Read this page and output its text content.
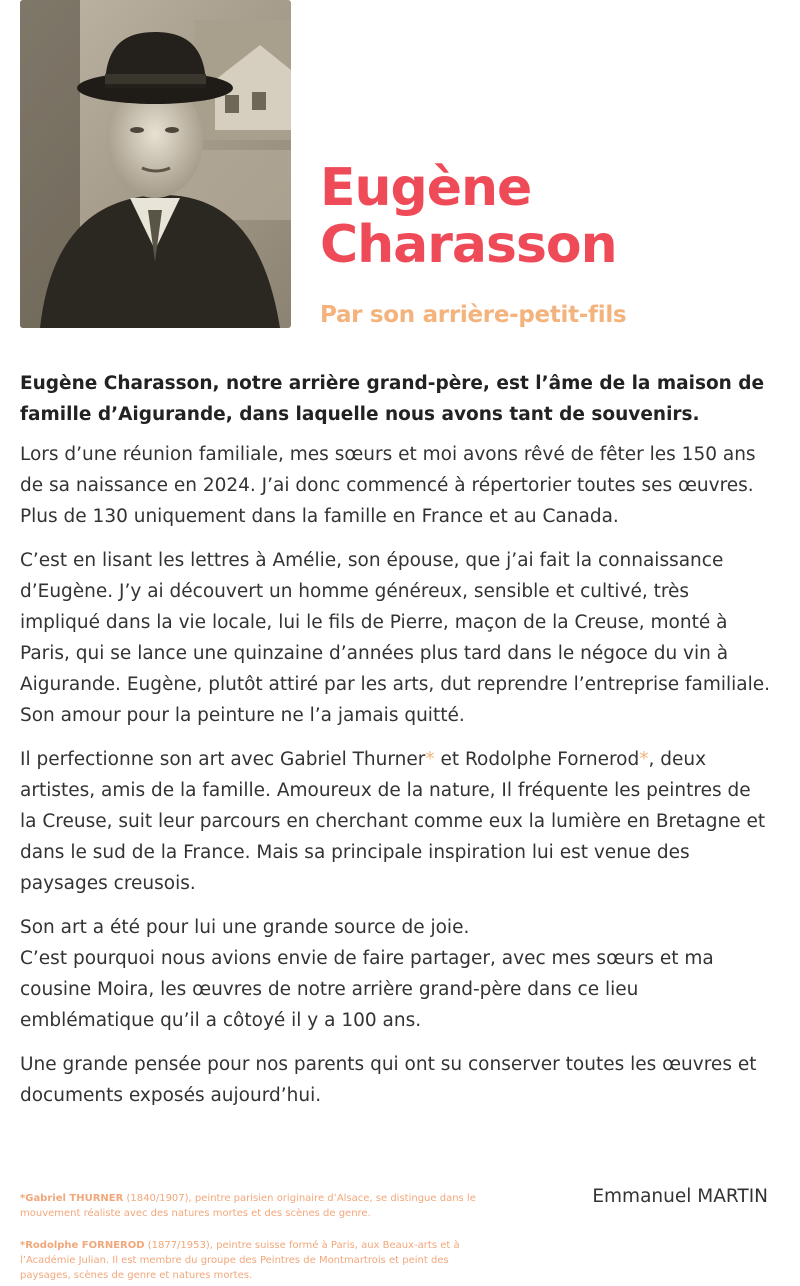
Eugène
Charasson
Par son arrière-petit-fils

Eugène Charasson, notre arrière grand-père, est l’âme de la maison de famille d’Aigurande, dans laquelle nous avons tant de souvenirs.

Lors d’une réunion familiale, mes sœurs et moi avons rêvé de fêter les 150 ans de sa naissance en 2024. J’ai donc commencé à répertorier toutes ses œuvres. Plus de 130 uniquement dans la famille en France et au Canada.

C’est en lisant les lettres à Amélie, son épouse, que j’ai fait la connaissance d’Eugène. J’y ai découvert un homme généreux, sensible et cultivé, très impliqué dans la vie locale, lui le fils de Pierre, maçon de la Creuse, monté à Paris, qui se lance une quinzaine d’années plus tard dans le négoce du vin à Aigurande. Eugène, plutôt attiré par les arts, dut reprendre l’entreprise familiale. Son amour pour la peinture ne l’a jamais quitté.

Il perfectionne son art avec Gabriel Thurner* et Rodolphe Fornerod*, deux artistes, amis de la famille. Amoureux de la nature, Il fréquente les peintres de la Creuse, suit leur parcours en cherchant comme eux la lumière en Bretagne et dans le sud de la France. Mais sa principale inspiration lui est venue des paysages creusois.

Son art a été pour lui une grande source de joie.
C’est pourquoi nous avions envie de faire partager, avec mes sœurs et ma cousine Moira, les œuvres de notre arrière grand-père dans ce lieu emblématique qu’il a côtoyé il y a 100 ans.

Une grande pensée pour nos parents qui ont su conserver toutes les œuvres et documents exposés aujourd’hui.

Emmanuel MARTIN
*Gabriel THURNER (1840/1907), peintre parisien originaire d’Alsace, se distingue dans le mouvement réaliste avec des natures mortes et des scènes de genre.
*Rodolphe FORNEROD (1877/1953), peintre suisse formé à Paris, aux Beaux-arts et à l’Académie Julian. Il est membre du groupe des Peintres de Montmartrois et peint des paysages, scènes de genre et natures mortes.
